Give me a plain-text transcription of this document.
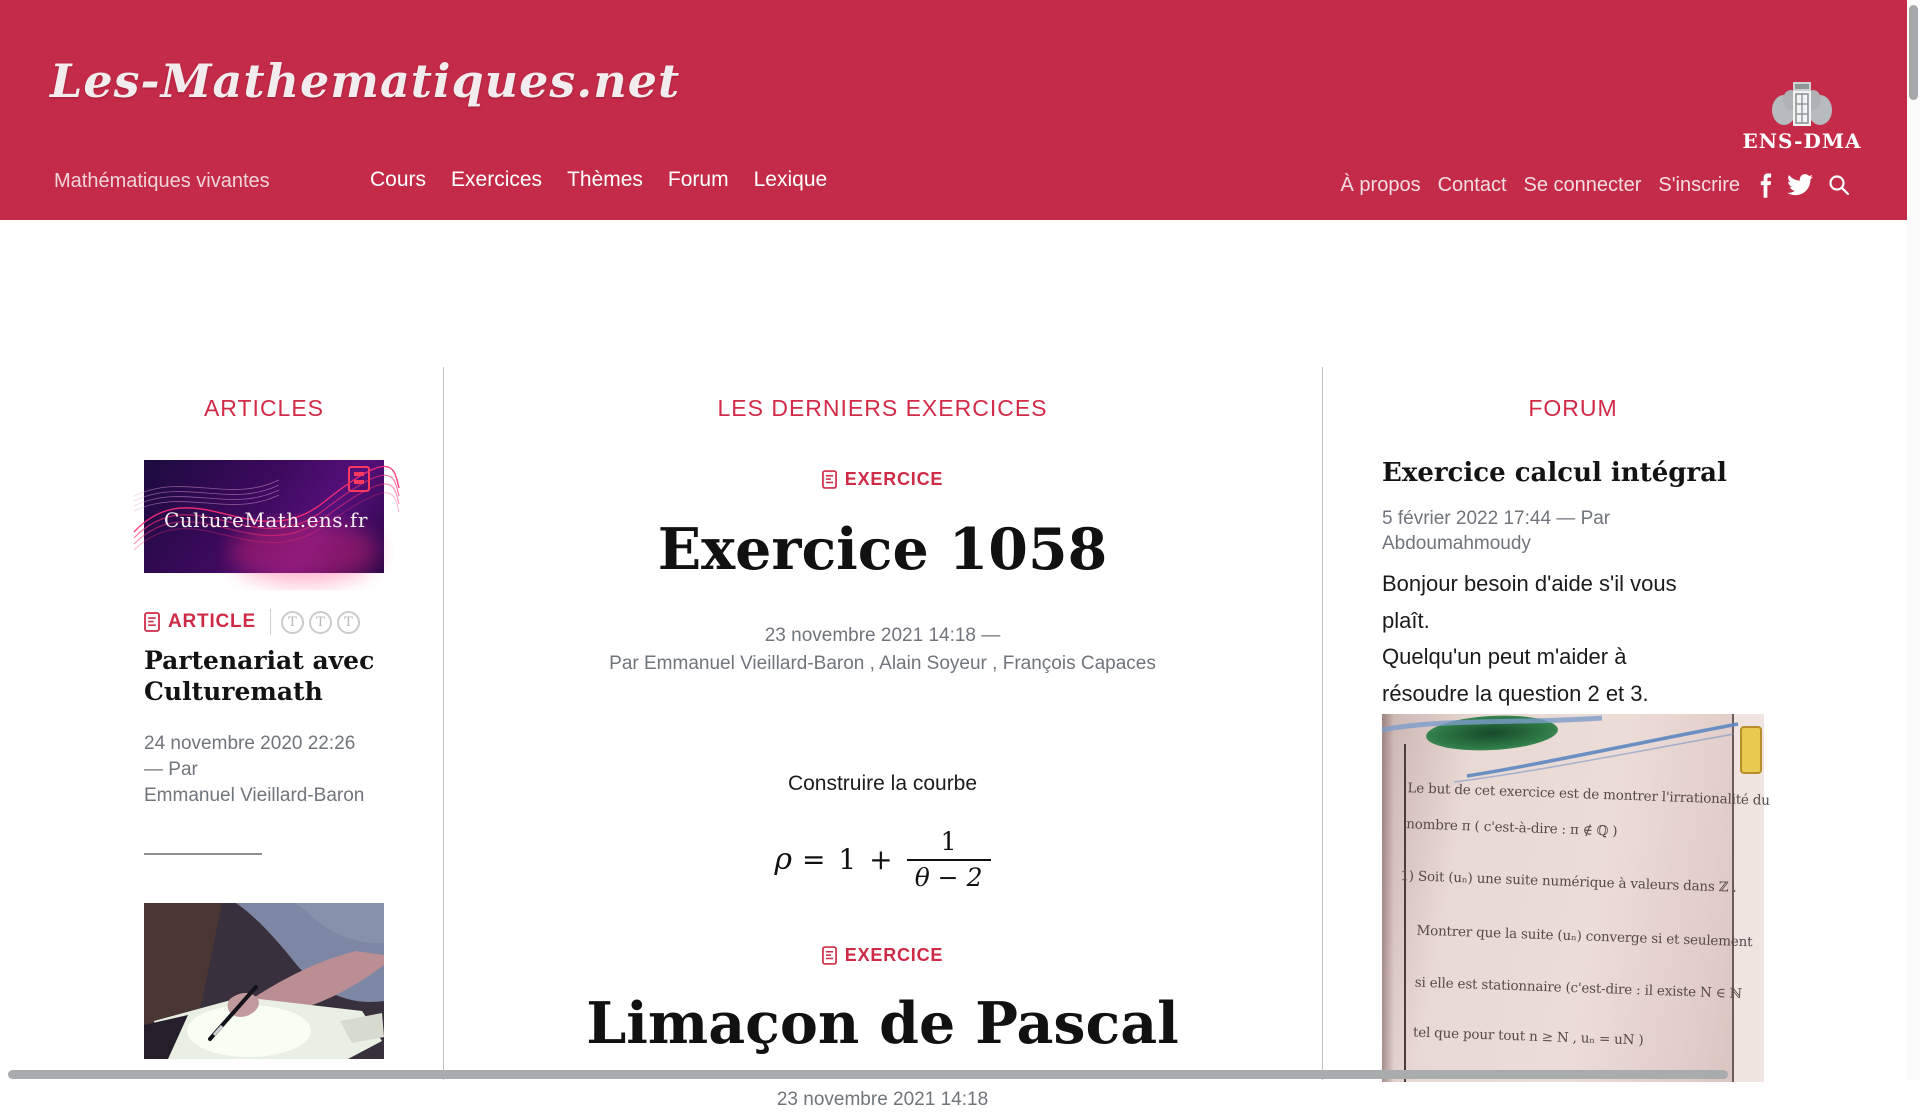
Les-Mathematiques.net
Mathématiques vivantes	Cours Exercices Thèmes Forum Lexique	À propos Contact Se connecter S'inscrire
ENS-DMA
ARTICLES
CultureMath.ens.fr
ARTICLE	T	T	T
Partenariat avec
Culturemath
24 novembre 2020 22:26
— Par
Emmanuel Vieillard-Baron
LES DERNIERS EXERCICES
EXERCICE
Exercice 1058
23 novembre 2021 14:18 —
Par Emmanuel Vieillard-Baron , Alain Soyeur , François Capaces
Construire la courbe
$\rho = 1 + \frac{1}{\theta - 2}$
EXERCICE
Limaçon de Pascal
23 novembre 2021 14:18
FORUM
Exercice calcul intégral
5 février 2022 17:44 — Par
Abdoumahmoudy
Bonjour besoin d'aide s'il vous
plaît.
Quelqu'un peut m'aider à
résoudre la question 2 et 3.
Le but de cet exercice est de montrer l'irrationalité du
nombre π ( c'est-à-dire : π ∉ ℚ )
1) Soit (uₙ) une suite numérique à valeurs dans ℤ .
Montrer que la suite (uₙ) converge si et seulement
si elle est stationnaire (c'est-dire : il existe N ∈ ℕ
tel que pour tout n ≥ N , uₙ = uN )
